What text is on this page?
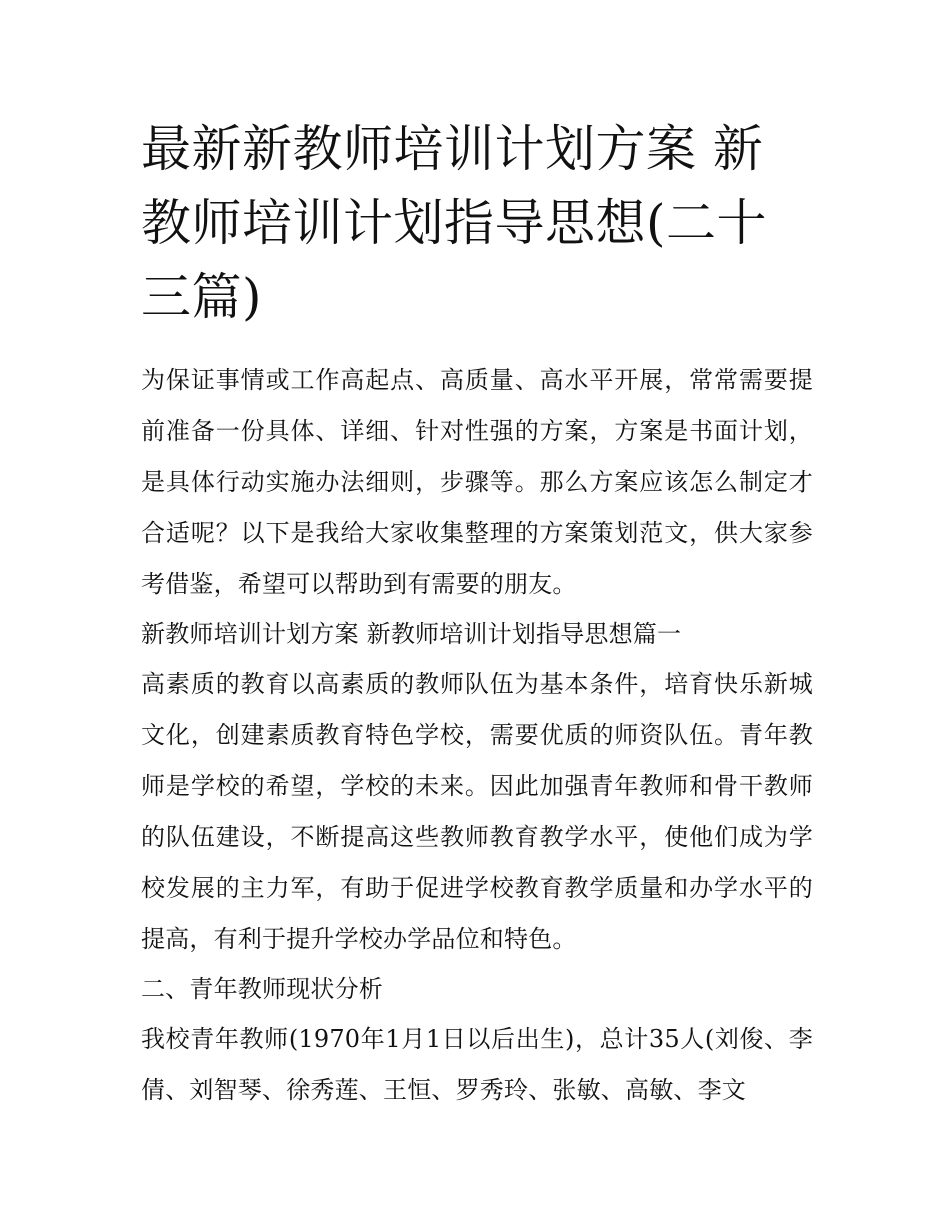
最新新教师培训计划方案 新教师培训计划指导思想(二十三篇)

为保证事情或工作高起点、高质量、高水平开展，常常需要提前准备一份具体、详细、针对性强的方案，方案是书面计划，是具体行动实施办法细则，步骤等。那么方案应该怎么制定才合适呢？以下是我给大家收集整理的方案策划范文，供大家参考借鉴，希望可以帮助到有需要的朋友。

新教师培训计划方案 新教师培训计划指导思想篇一

高素质的教育以高素质的教师队伍为基本条件，培育快乐新城文化，创建素质教育特色学校，需要优质的师资队伍。青年教师是学校的希望，学校的未来。因此加强青年教师和骨干教师的队伍建设，不断提高这些教师教育教学水平，使他们成为学校发展的主力军，有助于促进学校教育教学质量和办学水平的提高，有利于提升学校办学品位和特色。

二、青年教师现状分析

我校青年教师(1970年1月1日以后出生)，总计35人(刘俊、李倩、刘智琴、徐秀莲、王恒、罗秀玲、张敏、高敏、李文
